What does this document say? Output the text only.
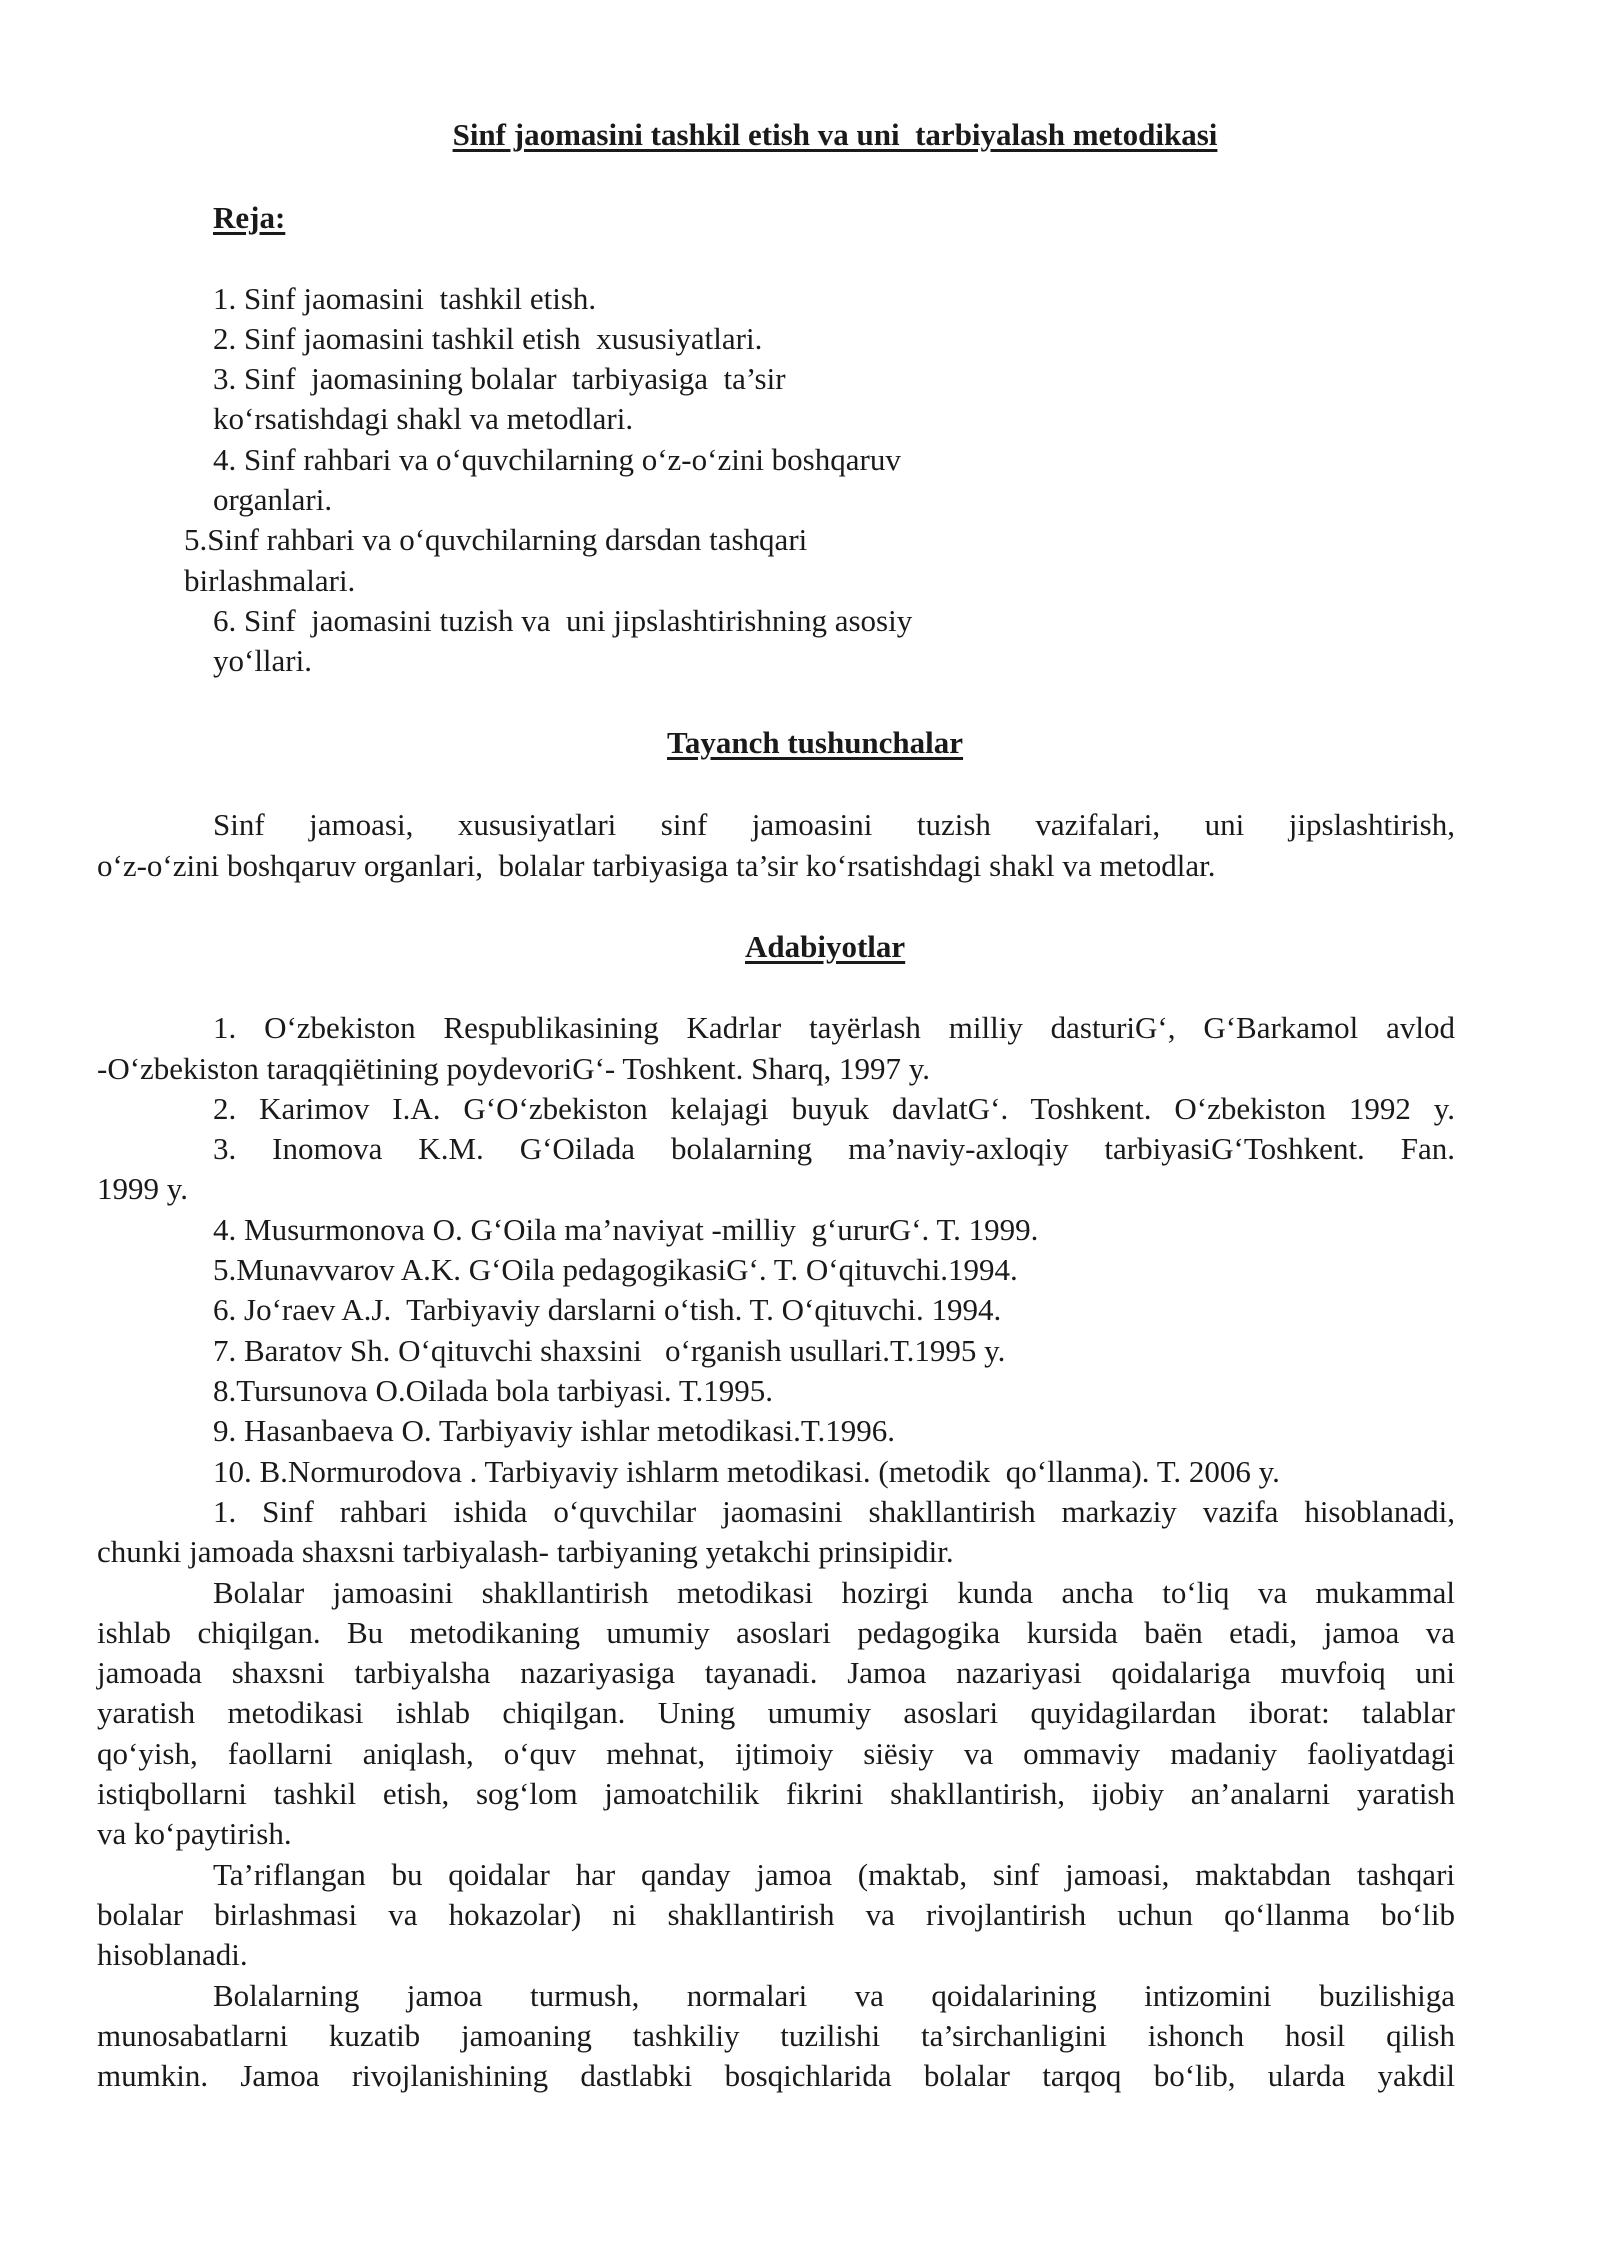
Sinf jaomasini tashkil etish va uni  tarbiyalash metodikasi
Reja:
1. Sinf jaomasini  tashkil etish.
2. Sinf jaomasini tashkil etish  xususiyatlari.
3. Sinf  jaomasining bolalar  tarbiyasiga  ta’sir
ko‘rsatishdagi shakl va metodlari.
4. Sinf rahbari va o‘quvchilarning o‘z-o‘zini boshqaruv
organlari.
5.Sinf rahbari va o‘quvchilarning darsdan tashqari
birlashmalari.
6. Sinf  jaomasini tuzish va  uni jipslashtirishning asosiy
yo‘llari.
Tayanch tushunchalar
Sinf jamoasi, xususiyatlari sinf jamoasini tuzish vazifalari, uni jipslashtirish,
o‘z-o‘zini boshqaruv organlari,  bolalar tarbiyasiga ta’sir ko‘rsatishdagi shakl va metodlar.
Adabiyotlar
1. O‘zbekiston Respublikasining Kadrlar tayërlash milliy dasturiG‘, G‘Barkamol avlod
-O‘zbekiston taraqqiëtining poydevoriG‘- Toshkent. Sharq, 1997 y.
2. Karimov I.A. G‘O‘zbekiston kelajagi buyuk davlatG‘. Toshkent. O‘zbekiston 1992 y.
3. Inomova K.M. G‘Oilada bolalarning ma’naviy-axloqiy tarbiyasiG‘Toshkent. Fan.
1999 y.
4. Musurmonova O. G‘Oila ma’naviyat -milliy  g‘ururG‘. T. 1999.
5.Munavvarov A.K. G‘Oila pedagogikasiG‘. T. O‘qituvchi.1994.
6. Jo‘raev A.J.  Tarbiyaviy darslarni o‘tish. T. O‘qituvchi. 1994.
7. Baratov Sh. O‘qituvchi shaxsini   o‘rganish usullari.T.1995 y.
8.Tursunova O.Oilada bola tarbiyasi. T.1995.
9. Hasanbaeva O. Tarbiyaviy ishlar metodikasi.T.1996.
10. B.Normurodova . Tarbiyaviy ishlarm metodikasi. (metodik  qo‘llanma). T. 2006 y.
1. Sinf rahbari ishida o‘quvchilar jaomasini shakllantirish markaziy vazifa hisoblanadi,
chunki jamoada shaxsni tarbiyalash- tarbiyaning yetakchi prinsipidir.
Bolalar jamoasini shakllantirish metodikasi hozirgi kunda ancha to‘liq va mukammal
ishlab chiqilgan. Bu metodikaning umumiy asoslari pedagogika kursida baën etadi, jamoa va
jamoada shaxsni tarbiyalsha nazariyasiga tayanadi. Jamoa nazariyasi qoidalariga muvfoiq uni
yaratish metodikasi ishlab chiqilgan. Uning umumiy asoslari quyidagilardan iborat: talablar
qo‘yish, faollarni aniqlash, o‘quv mehnat, ijtimoiy siësiy va ommaviy madaniy faoliyatdagi
istiqbollarni tashkil etish, sog‘lom jamoatchilik fikrini shakllantirish, ijobiy an’analarni yaratish
va ko‘paytirish.
Ta’riflangan bu qoidalar har qanday jamoa (maktab, sinf jamoasi, maktabdan tashqari
bolalar birlashmasi va hokazolar) ni shakllantirish va rivojlantirish uchun qo‘llanma bo‘lib
hisoblanadi.
Bolalarning jamoa turmush, normalari va qoidalarining intizomini buzilishiga
munosabatlarni kuzatib jamoaning tashkiliy tuzilishi ta’sirchanligini ishonch hosil qilish
mumkin. Jamoa rivojlanishining dastlabki bosqichlarida bolalar tarqoq bo‘lib, ularda yakdil
